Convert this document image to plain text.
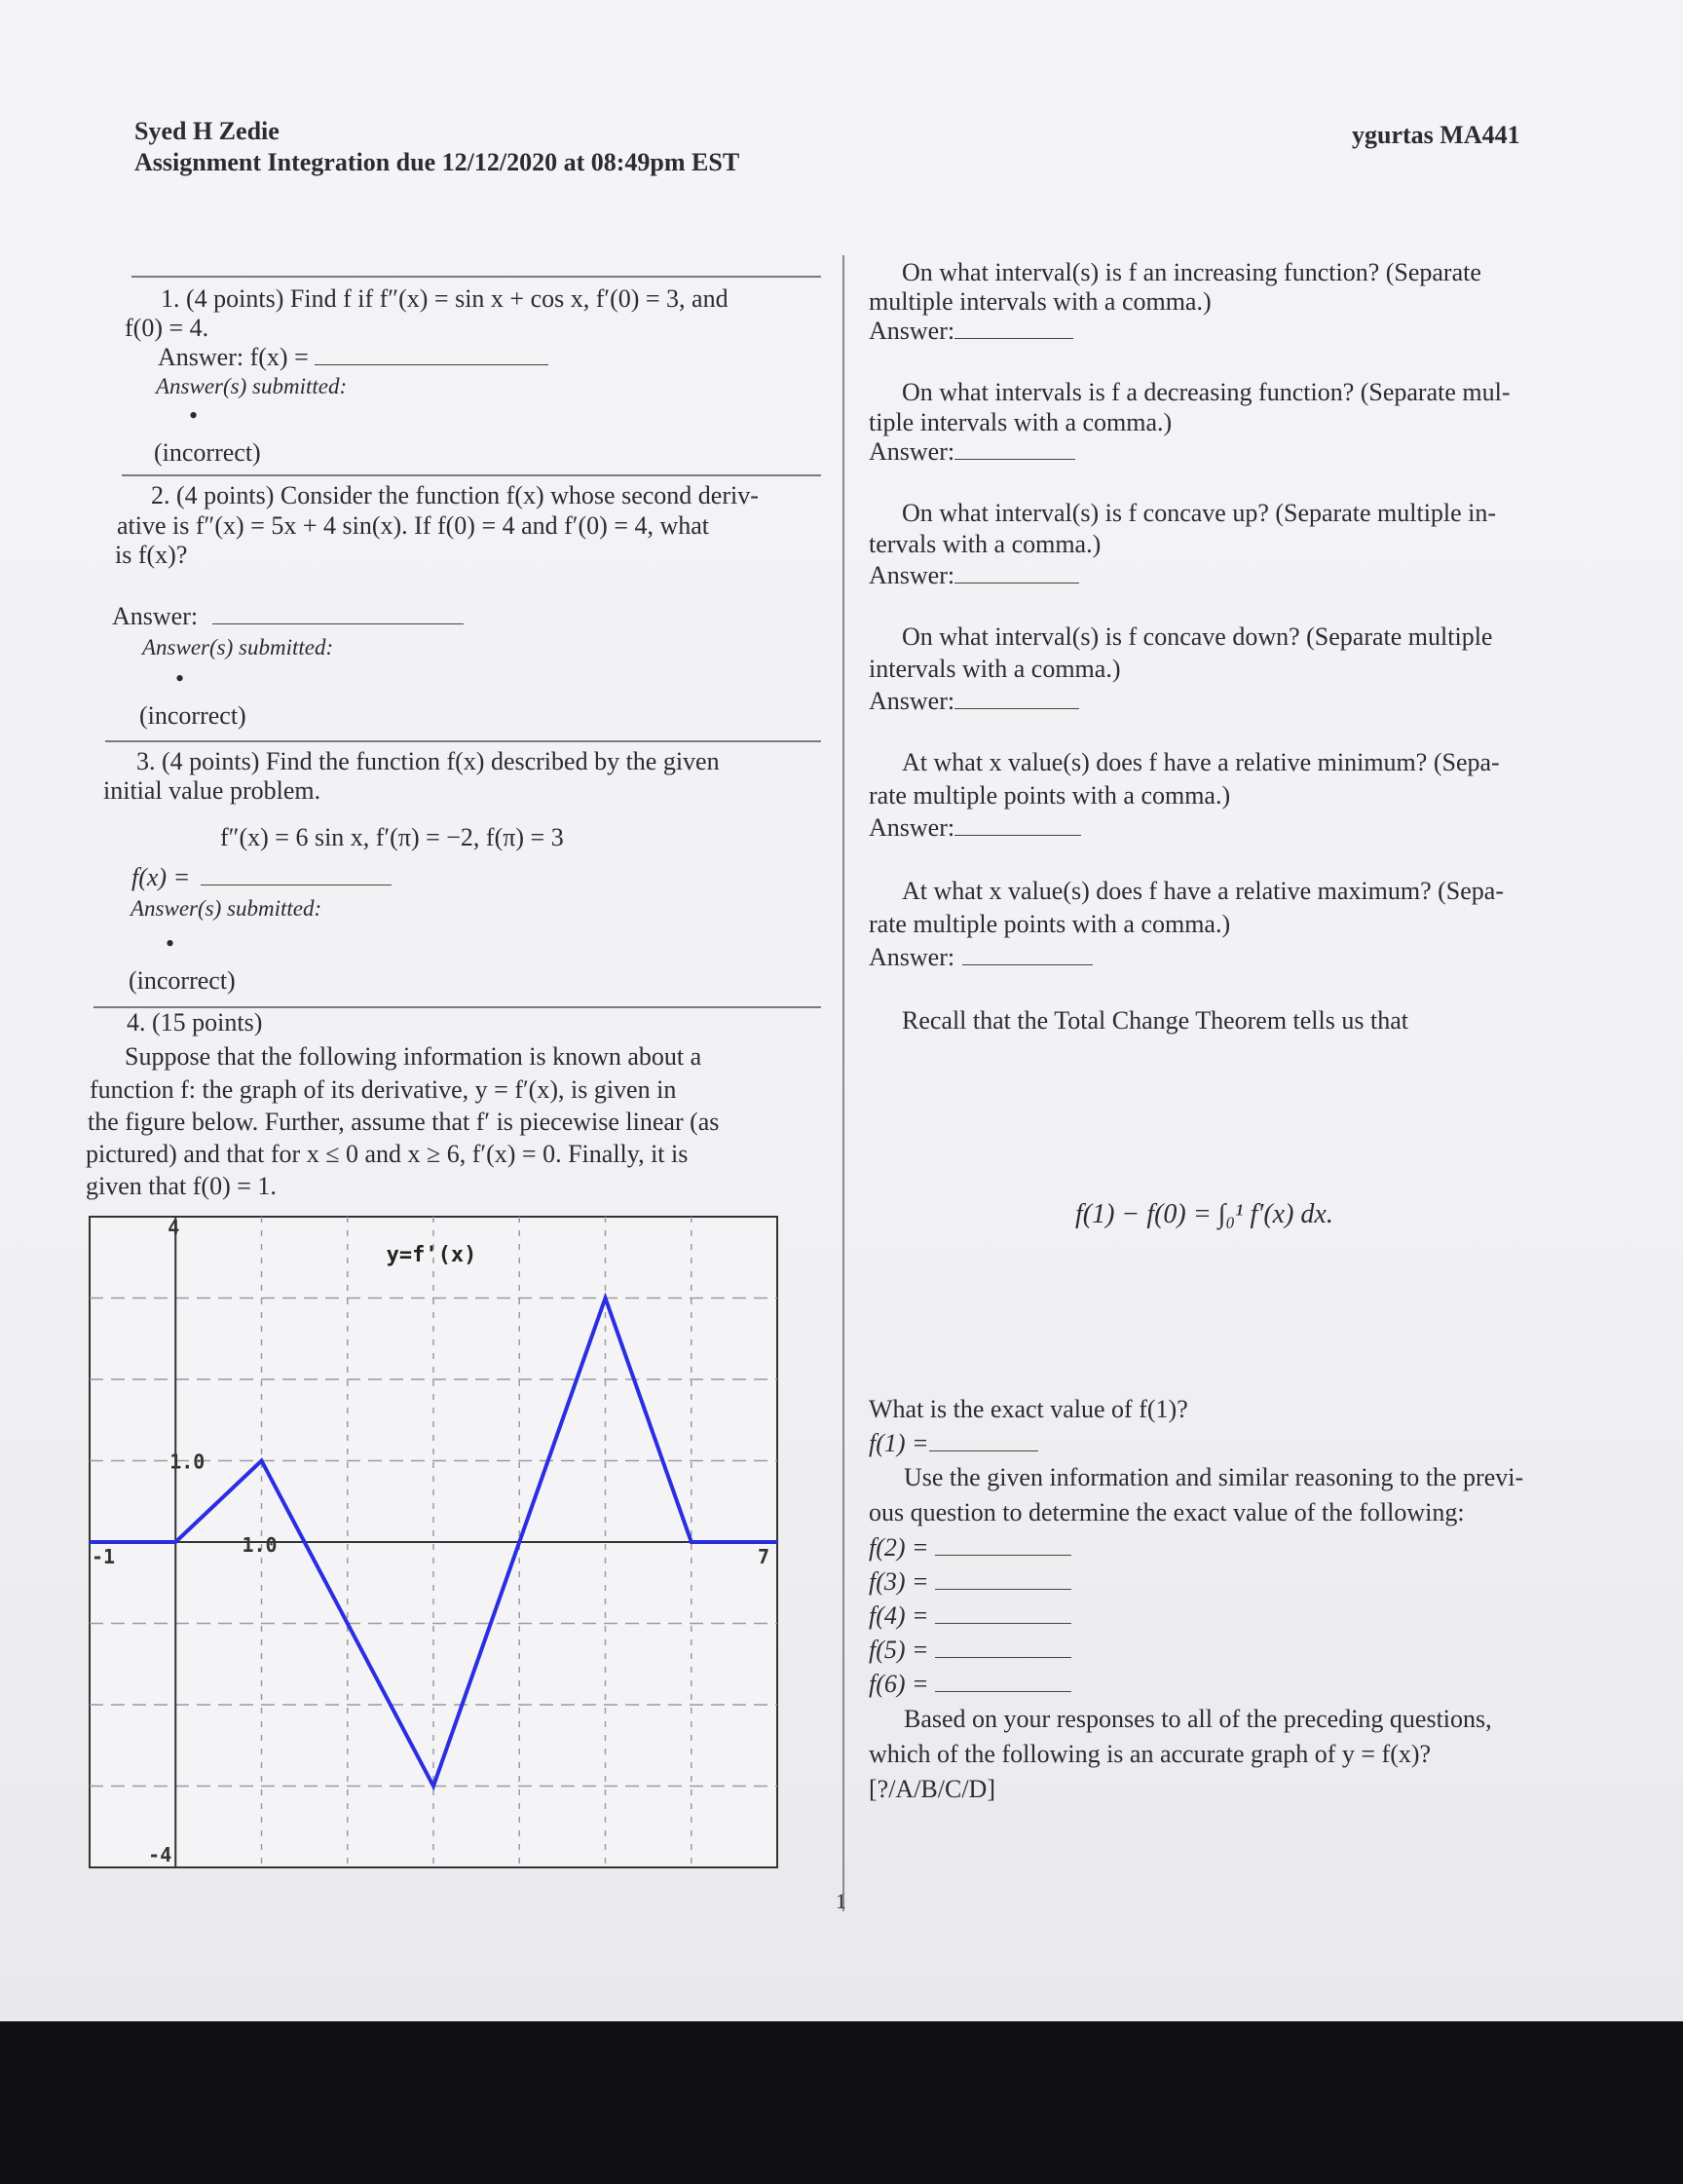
Syed H Zedie
Assignment Integration due 12/12/2020 at 08:49pm EST
ygurtas MA441
1. (4 points) Find f if f″(x) = sin x + cos x, f′(0) = 3, and
f(0) = 4.
Answer: f(x) =
Answer(s) submitted:
•
(incorrect)
2. (4 points) Consider the function f(x) whose second deriv-
ative is f″(x) = 5x + 4 sin(x). If f(0) = 4 and f′(0) = 4, what
is f(x)?
Answer:
Answer(s) submitted:
•
(incorrect)
3. (4 points) Find the function f(x) described by the given
initial value problem.
f″(x) = 6 sin x, f′(π) = −2, f(π) = 3
f(x) =
Answer(s) submitted:
•
(incorrect)
4. (15 points)
Suppose that the following information is known about a
function f: the graph of its derivative, y = f′(x), is given in
the figure below. Further, assume that f′ is piecewise linear (as
pictured) and that for x ≤ 0 and x ≥ 6, f′(x) = 0. Finally, it is
given that f(0) = 1.
4
-4
-1	7
1.0
1.0
y=f'(x)
On what interval(s) is f an increasing function? (Separate
multiple intervals with a comma.)
Answer:
On what intervals is f a decreasing function? (Separate mul-
tiple intervals with a comma.)
Answer:
On what interval(s) is f concave up? (Separate multiple in-
tervals with a comma.)
Answer:
On what interval(s) is f concave down? (Separate multiple
intervals with a comma.)
Answer:
At what x value(s) does f have a relative minimum? (Sepa-
rate multiple points with a comma.)
Answer:
At what x value(s) does f have a relative maximum? (Sepa-
rate multiple points with a comma.)
Answer:
Recall that the Total Change Theorem tells us that
f(1) − f(0) = ∫₀¹ f′(x) dx.
What is the exact value of f(1)?
f(1) =
Use the given information and similar reasoning to the previ-
ous question to determine the exact value of the following:
f(2) =
f(3) =
f(4) =
f(5) =
f(6) =
Based on your responses to all of the preceding questions,
which of the following is an accurate graph of y = f(x)?
[?/A/B/C/D]
1
